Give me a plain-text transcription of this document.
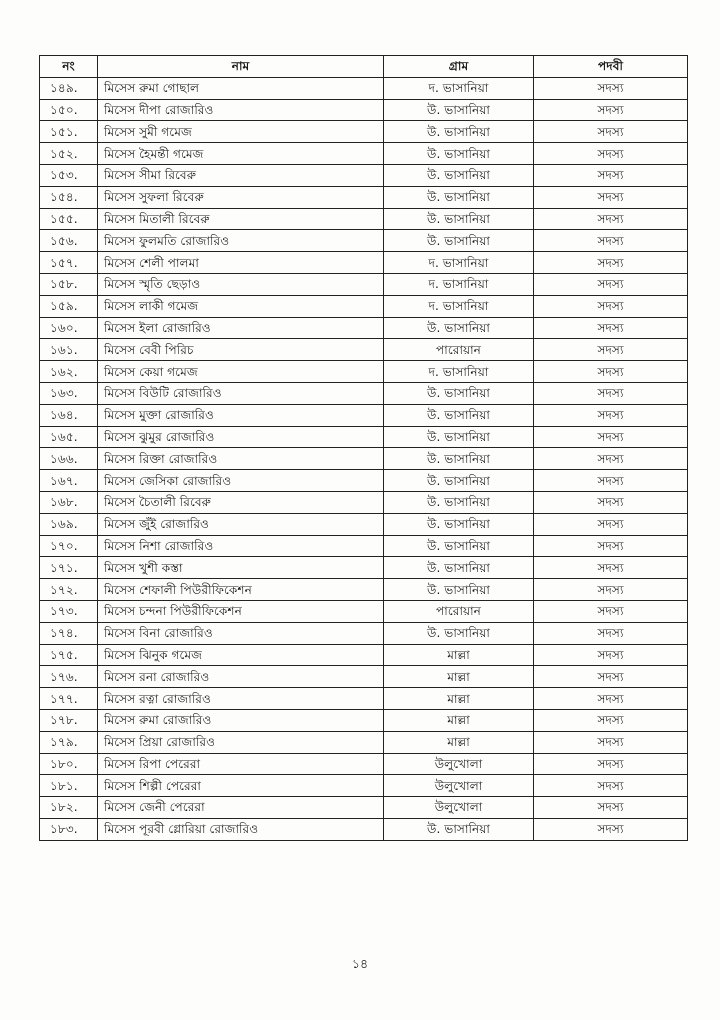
নং	নাম	গ্রাম	পদবী
১৪৯.	মিসেস রুমা গোছাল	দ. ভাসানিয়া	সদস্য
১৫০.	মিসেস দীপা রোজারিও	উ. ভাসানিয়া	সদস্য
১৫১.	মিসেস সুমী গমেজ	উ. ভাসানিয়া	সদস্য
১৫২.	মিসেস হৈমন্তী গমেজ	উ. ভাসানিয়া	সদস্য
১৫৩.	মিসেস সীমা রিবেরু	উ. ভাসানিয়া	সদস্য
১৫৪.	মিসেস সুফলা রিবেরু	উ. ভাসানিয়া	সদস্য
১৫৫.	মিসেস মিতালী রিবেরু	উ. ভাসানিয়া	সদস্য
১৫৬.	মিসেস ফুলমতি রোজারিও	উ. ভাসানিয়া	সদস্য
১৫৭.	মিসেস শেলী পালমা	দ. ভাসানিয়া	সদস্য
১৫৮.	মিসেস স্মৃতি ছেড়াও	দ. ভাসানিয়া	সদস্য
১৫৯.	মিসেস লাকী গমেজ	দ. ভাসানিয়া	সদস্য
১৬০.	মিসেস ইলা রোজারিও	উ. ভাসানিয়া	সদস্য
১৬১.	মিসেস বেবী পিরিচ	পারোয়ান	সদস্য
১৬২.	মিসেস কেয়া গমেজ	দ. ভাসানিয়া	সদস্য
১৬৩.	মিসেস বিউটি রোজারিও	উ. ভাসানিয়া	সদস্য
১৬৪.	মিসেস মুক্তা রোজারিও	উ. ভাসানিয়া	সদস্য
১৬৫.	মিসেস ঝুমুর রোজারিও	উ. ভাসানিয়া	সদস্য
১৬৬.	মিসেস রিক্তা রোজারিও	উ. ভাসানিয়া	সদস্য
১৬৭.	মিসেস জেসিকা রোজারিও	উ. ভাসানিয়া	সদস্য
১৬৮.	মিসেস চৈতালী রিবেরু	উ. ভাসানিয়া	সদস্য
১৬৯.	মিসেস জুঁই রোজারিও	উ. ভাসানিয়া	সদস্য
১৭০.	মিসেস নিশা রোজারিও	উ. ভাসানিয়া	সদস্য
১৭১.	মিসেস খুশী কস্তা	উ. ভাসানিয়া	সদস্য
১৭২.	মিসেস শেফালী পিউরীফিকেশন	উ. ভাসানিয়া	সদস্য
১৭৩.	মিসেস চন্দনা পিউরীফিকেশন	পারোয়ান	সদস্য
১৭৪.	মিসেস বিনা রোজারিও	উ. ভাসানিয়া	সদস্য
১৭৫.	মিসেস ঝিনুক গমেজ	মাল্লা	সদস্য
১৭৬.	মিসেস রনা রোজারিও	মাল্লা	সদস্য
১৭৭.	মিসেস রত্না রোজারিও	মাল্লা	সদস্য
১৭৮.	মিসেস রুমা রোজারিও	মাল্লা	সদস্য
১৭৯.	মিসেস প্রিয়া রোজারিও	মাল্লা	সদস্য
১৮০.	মিসেস রিপা পেরেরা	উলুখোলা	সদস্য
১৮১.	মিসেস শিল্পী পেরেরা	উলুখোলা	সদস্য
১৮২.	মিসেস জেনী পেরেরা	উলুখোলা	সদস্য
১৮৩.	মিসেস পূরবী গ্লোরিয়া রোজারিও	উ. ভাসানিয়া	সদস্য
১৪
